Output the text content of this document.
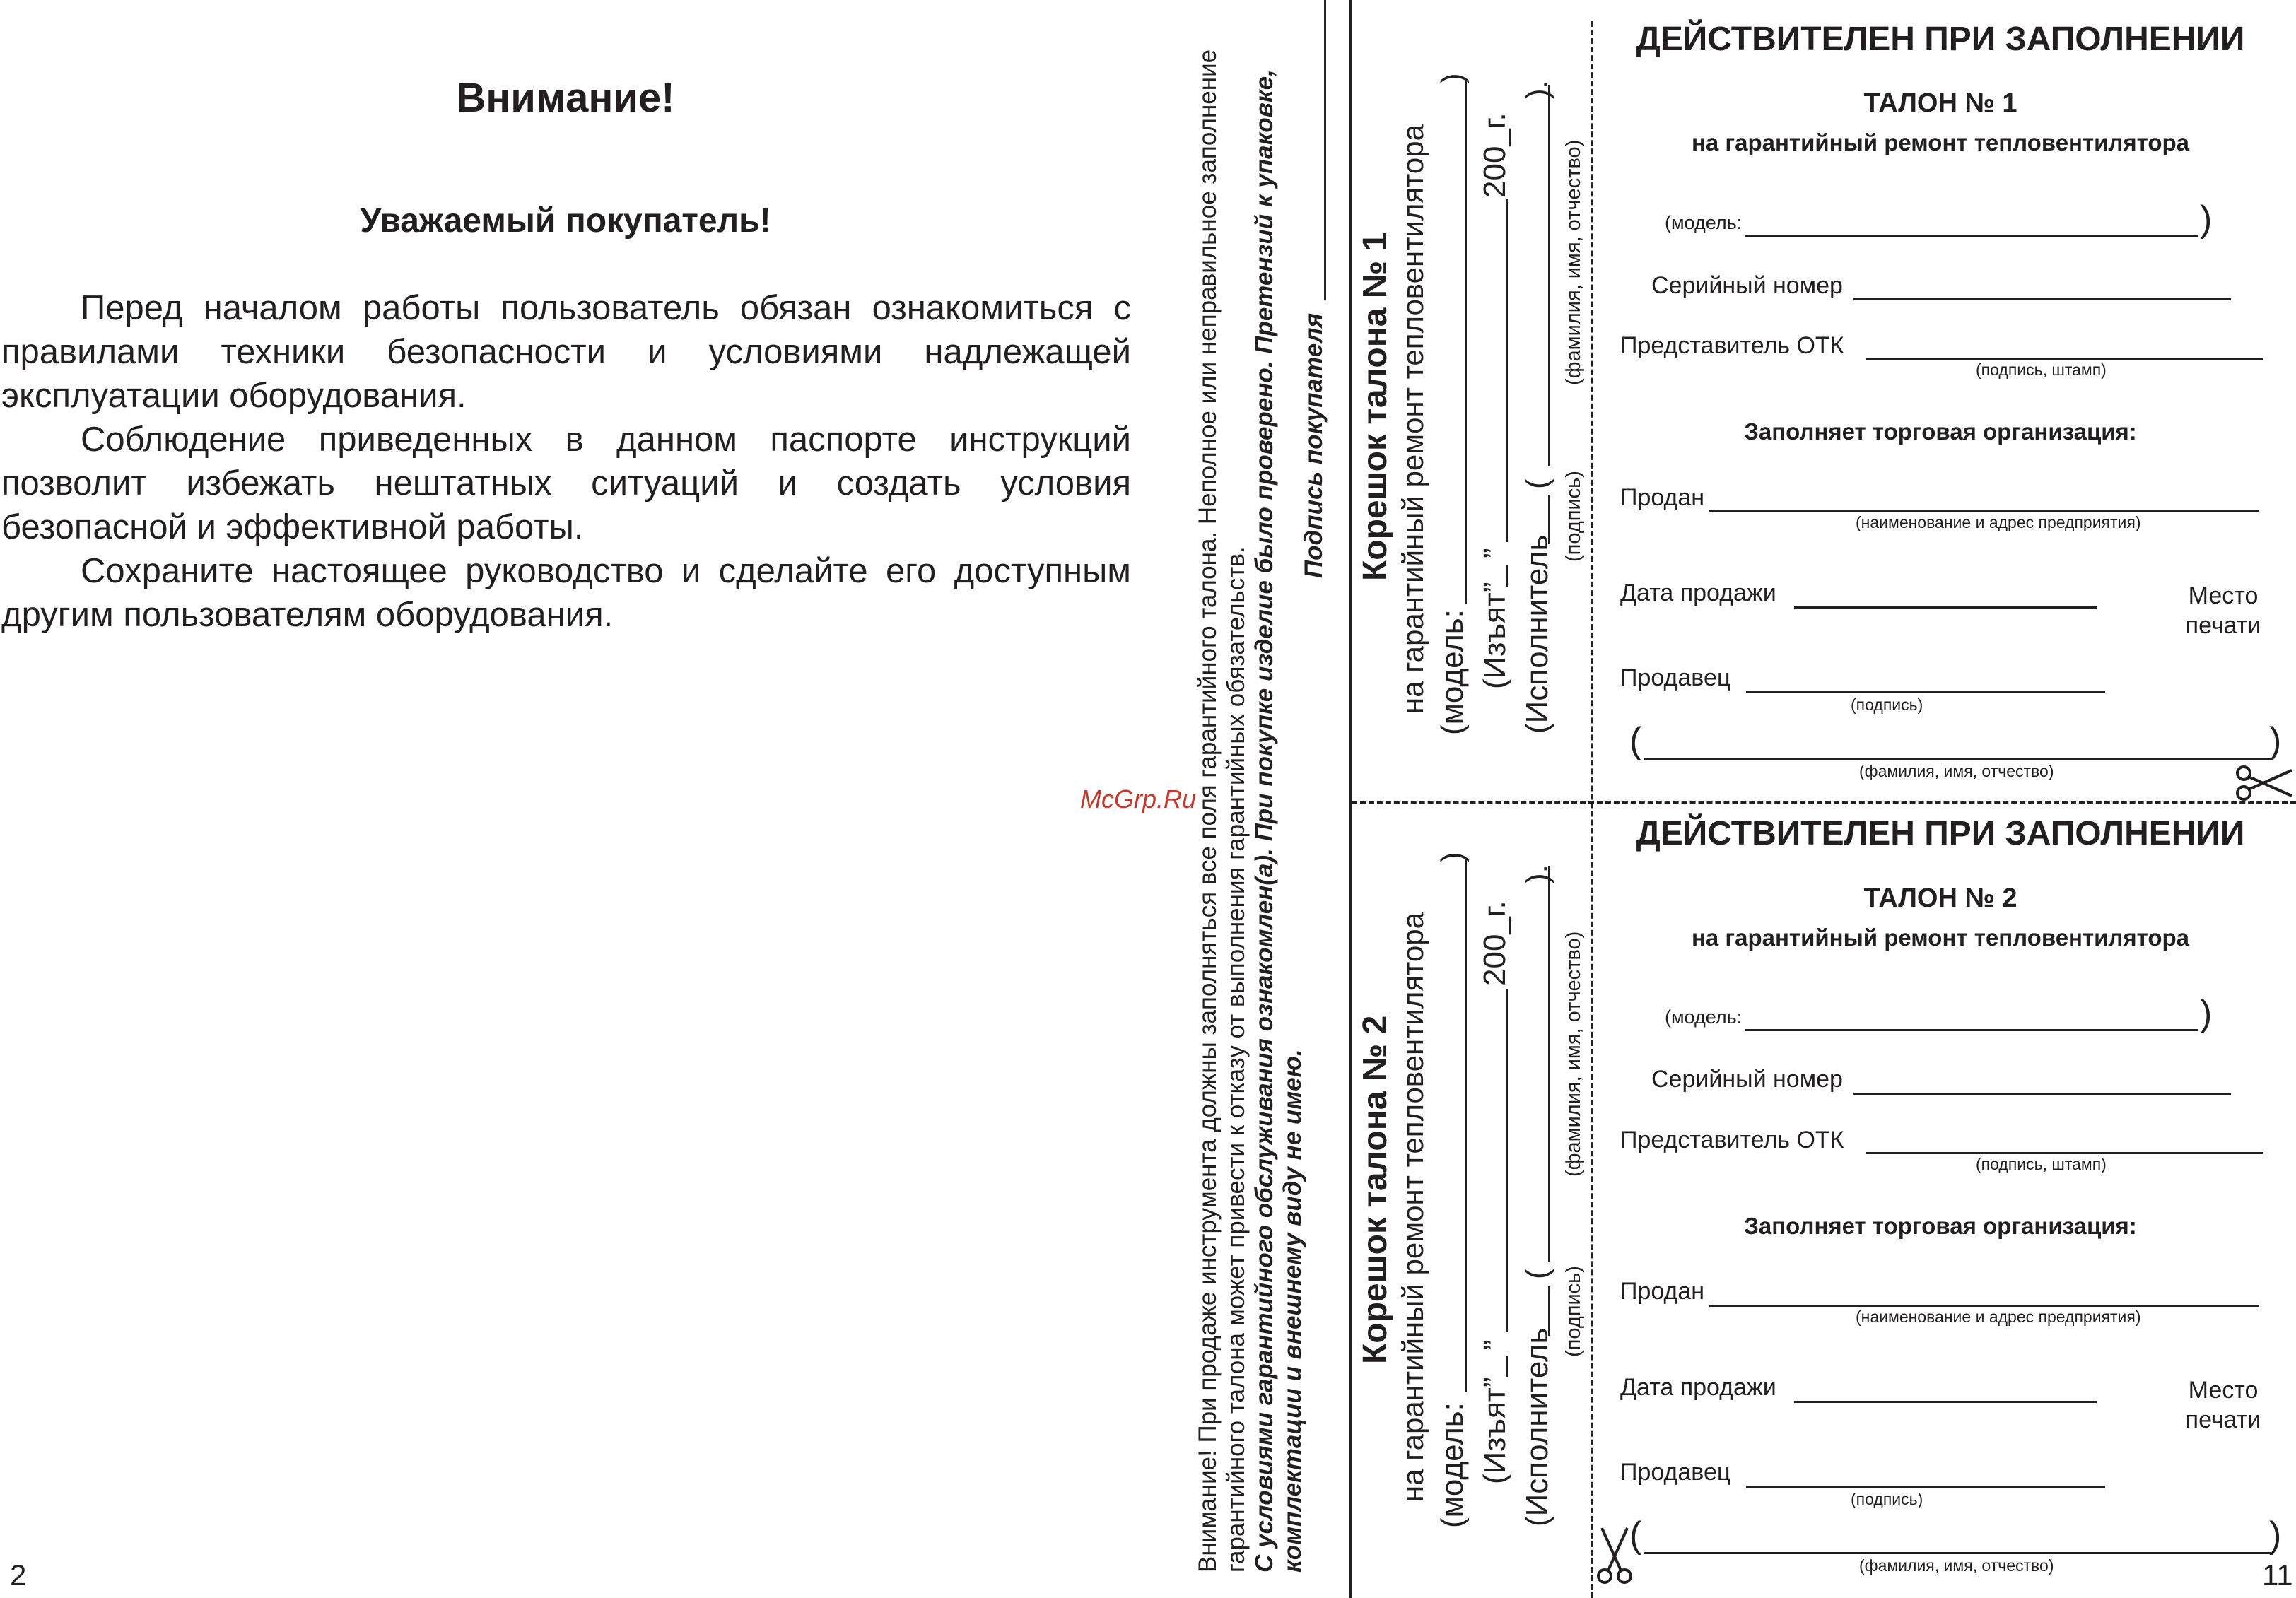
Внимание!
Уважаемый покупатель!

Перед началом работы пользователь обязан ознакомиться с правилами техники безопасности и условиями надлежащей эксплуатации оборудования.

Соблюдение приведенных в данном паспорте инструкций позволит избежать нештатных ситуаций и создать условия безопасной и эффективной работы.

Сохраните настоящее руководство и сделайте его доступным другим пользователям оборудования.

2
Внимание! При продаже инструмента должны заполняться все поля гарантийного талона. Неполное или неправильное заполнение гарантийного талона может привести к отказу от выполнения гарантийных обязательств. С условиями гарантийного обслуживания ознакомлен(а). При покупке изделие было проверено. Претензий к упаковке, комплектации и внешнему виду не имею.
Подпись покупателя Корешок талона № 1 на гарантийный ремонт тепловентилятора (модель:
)
(Изъят”
”
200_г.
(Исполнитель
(
).
(подпись)
(фамилия, имя, отчество)
Корешок талона № 2 на гарантийный ремонт тепловентилятора (модель:
)
(Изъят”
”
200_г.
(Исполнитель
(
).
(подпись)
(фамилия, имя, отчество)
ДЕЙСТВИТЕЛЕН ПРИ ЗАПОЛНЕНИИ
ТАЛОН № 1
на гарантийный ремонт тепловентилятора
(модель:	)
Серийный номер
Представитель ОТК
(подпись, штамп)
Заполняет торговая организация:
Продан
(наименование и адрес предприятия)
Дата продажи	Место
печати
Продавец
(подпись)
(	)
(фамилия, имя, отчество)
ДЕЙСТВИТЕЛЕН ПРИ ЗАПОЛНЕНИИ
ТАЛОН № 2
на гарантийный ремонт тепловентилятора
(модель:	)
Серийный номер
Представитель ОТК
(подпись, штамп)
Заполняет торговая организация:
Продан
(наименование и адрес предприятия)
Дата продажи	Место
печати
Продавец
(подпись)
(	)
(фамилия, имя, отчество)	11
McGrp.Ru
